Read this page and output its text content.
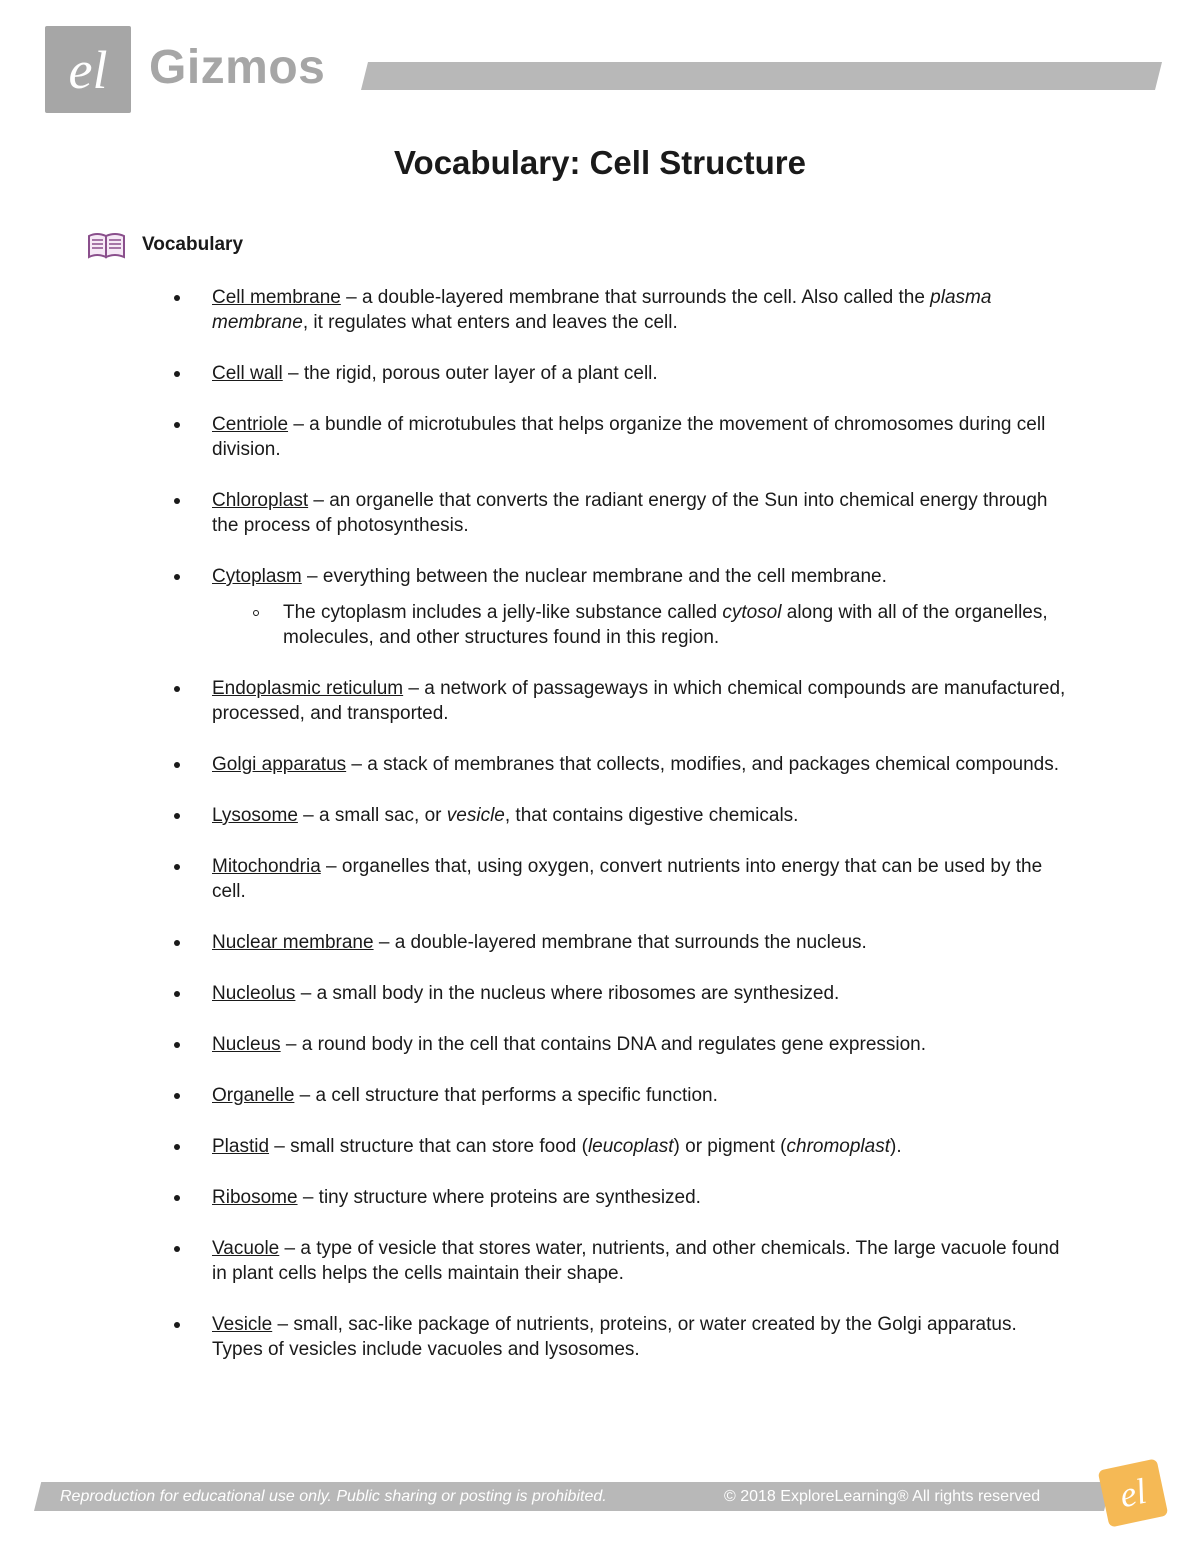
el Gizmos
Vocabulary: Cell Structure
Vocabulary
Cell membrane – a double-layered membrane that surrounds the cell. Also called the plasma membrane, it regulates what enters and leaves the cell.
Cell wall – the rigid, porous outer layer of a plant cell.
Centriole – a bundle of microtubules that helps organize the movement of chromosomes during cell division.
Chloroplast – an organelle that converts the radiant energy of the Sun into chemical energy through the process of photosynthesis.
Cytoplasm – everything between the nuclear membrane and the cell membrane.
The cytoplasm includes a jelly-like substance called cytosol along with all of the organelles, molecules, and other structures found in this region.
Endoplasmic reticulum – a network of passageways in which chemical compounds are manufactured, processed, and transported.
Golgi apparatus – a stack of membranes that collects, modifies, and packages chemical compounds.
Lysosome – a small sac, or vesicle, that contains digestive chemicals.
Mitochondria – organelles that, using oxygen, convert nutrients into energy that can be used by the cell.
Nuclear membrane – a double-layered membrane that surrounds the nucleus.
Nucleolus – a small body in the nucleus where ribosomes are synthesized.
Nucleus – a round body in the cell that contains DNA and regulates gene expression.
Organelle – a cell structure that performs a specific function.
Plastid – small structure that can store food (leucoplast) or pigment (chromoplast).
Ribosome – tiny structure where proteins are synthesized.
Vacuole – a type of vesicle that stores water, nutrients, and other chemicals. The large vacuole found in plant cells helps the cells maintain their shape.
Vesicle – small, sac-like package of nutrients, proteins, or water created by the Golgi apparatus. Types of vesicles include vacuoles and lysosomes.
Reproduction for educational use only. Public sharing or posting is prohibited.	© 2018 ExploreLearning® All rights reserved el
